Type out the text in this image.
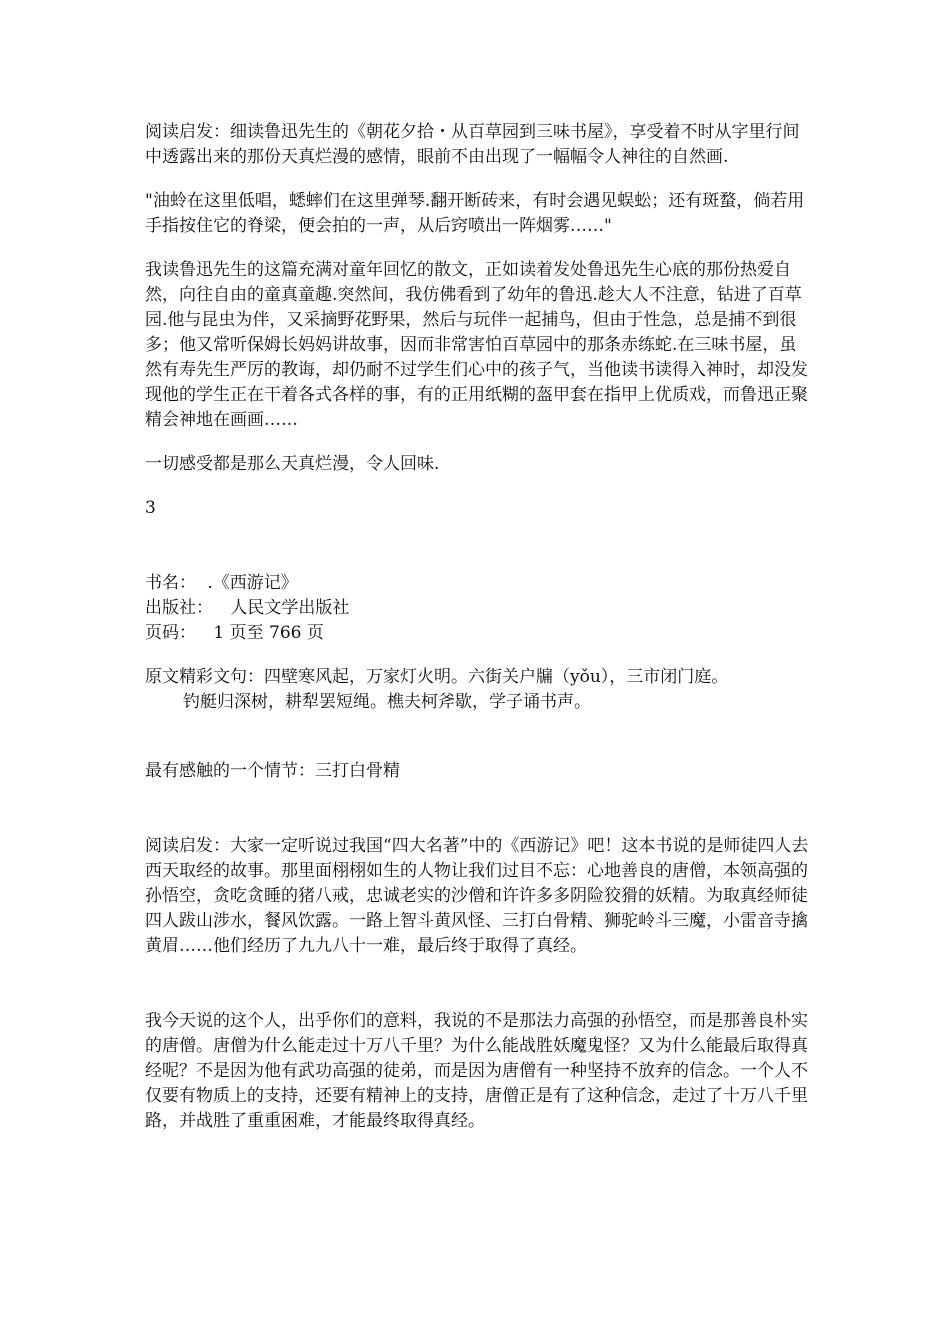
阅读启发：细读鲁迅先生的《朝花夕拾・从百草园到三味书屋》，享受着不时从字里行间中透露出来的那份天真烂漫的感情，眼前不由出现了一幅幅令人神往的自然画.

"油蛉在这里低唱，蟋蟀们在这里弹琴.翻开断砖来，有时会遇见蜈蚣；还有斑蝥，倘若用手指按住它的脊梁，便会拍的一声，从后窍喷出一阵烟雾……"

我读鲁迅先生的这篇充满对童年回忆的散文，正如读着发处鲁迅先生心底的那份热爱自然，向往自由的童真童趣.突然间，我仿佛看到了幼年的鲁迅.趁大人不注意，钻进了百草园.他与昆虫为伴，又采摘野花野果，然后与玩伴一起捕鸟，但由于性急，总是捕不到很多；他又常听保姆长妈妈讲故事，因而非常害怕百草园中的那条赤练蛇.在三味书屋，虽然有寿先生严厉的教诲，却仍耐不过学生们心中的孩子气，当他读书读得入神时，却没发现他的学生正在干着各式各样的事，有的正用纸糊的盔甲套在指甲上优质戏，而鲁迅正聚精会神地在画画……

一切感受都是那么天真烂漫，令人回味.

3

书名： .《西游记》

出版社： 人民文学出版社

页码： 1 页至 766 页

原文精彩文句：四壁寒风起，万家灯火明。六街关户牖（yǒu），三市闭门庭。

钓艇归深树，耕犁罢短绳。樵夫柯斧歇，学子诵书声。

最有感触的一个情节：三打白骨精

阅读启发：大家一定听说过我国“四大名著”中的《西游记》吧！这本书说的是师徒四人去西天取经的故事。那里面栩栩如生的人物让我们过目不忘：心地善良的唐僧，本领高强的孙悟空，贪吃贪睡的猪八戒，忠诚老实的沙僧和许许多多阴险狡猾的妖精。为取真经师徒四人跋山涉水，餐风饮露。一路上智斗黄风怪、三打白骨精、狮驼岭斗三魔，小雷音寺擒黄眉……他们经历了九九八十一难，最后终于取得了真经。

我今天说的这个人，出乎你们的意料，我说的不是那法力高强的孙悟空，而是那善良朴实的唐僧。唐僧为什么能走过十万八千里？为什么能战胜妖魔鬼怪？又为什么能最后取得真经呢？不是因为他有武功高强的徒弟，而是因为唐僧有一种坚持不放弃的信念。一个人不仅要有物质上的支持，还要有精神上的支持，唐僧正是有了这种信念，走过了十万八千里路，并战胜了重重困难，才能最终取得真经。
